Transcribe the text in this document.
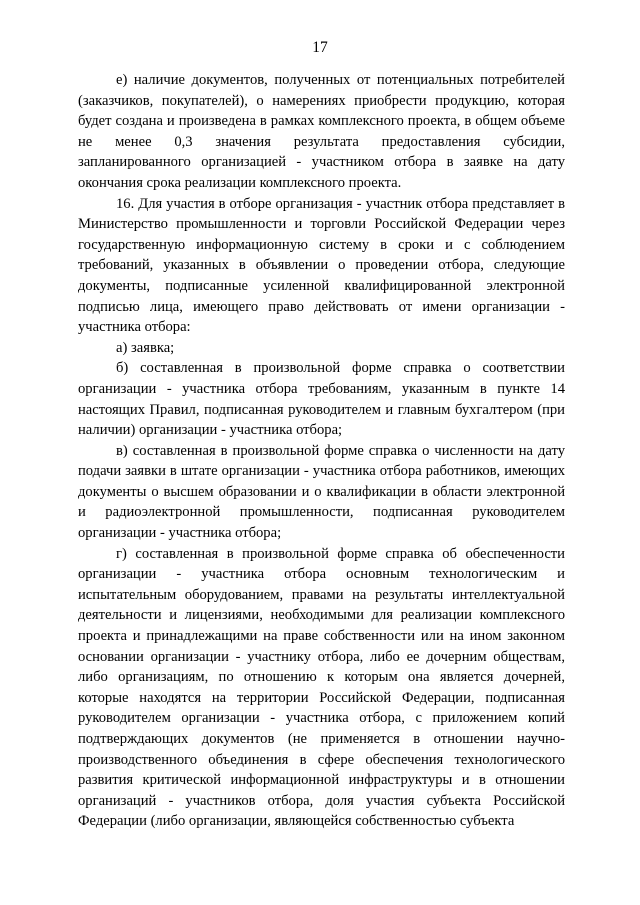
17

е) наличие документов, полученных от потенциальных потребителей (заказчиков, покупателей), о намерениях приобрести продукцию, которая будет создана и произведена в рамках комплексного проекта, в общем объеме не менее 0,3 значения результата предоставления субсидии, запланированного организацией - участником отбора в заявке на дату окончания срока реализации комплексного проекта.

16. Для участия в отборе организация - участник отбора представляет в Министерство промышленности и торговли Российской Федерации через государственную информационную систему в сроки и с соблюдением требований, указанных в объявлении о проведении отбора, следующие документы, подписанные усиленной квалифицированной электронной подписью лица, имеющего право действовать от имени организации - участника отбора:

а) заявка;

б) составленная в произвольной форме справка о соответствии организации - участника отбора требованиям, указанным в пункте 14 настоящих Правил, подписанная руководителем и главным бухгалтером (при наличии) организации - участника отбора;

в) составленная в произвольной форме справка о численности на дату подачи заявки в штате организации - участника отбора работников, имеющих документы о высшем образовании и о квалификации в области электронной и радиоэлектронной промышленности, подписанная руководителем организации - участника отбора;

г) составленная в произвольной форме справка об обеспеченности организации - участника отбора основным технологическим и испытательным оборудованием, правами на результаты интеллектуальной деятельности и лицензиями, необходимыми для реализации комплексного проекта и принадлежащими на праве собственности или на ином законном основании организации - участнику отбора, либо ее дочерним обществам, либо организациям, по отношению к которым она является дочерней, которые находятся на территории Российской Федерации, подписанная руководителем организации - участника отбора, с приложением копий подтверждающих документов (не применяется в отношении научно-производственного объединения в сфере обеспечения технологического развития критической информационной инфраструктуры и в отношении организаций - участников отбора, доля участия субъекта Российской Федерации (либо организации, являющейся собственностью субъекта
